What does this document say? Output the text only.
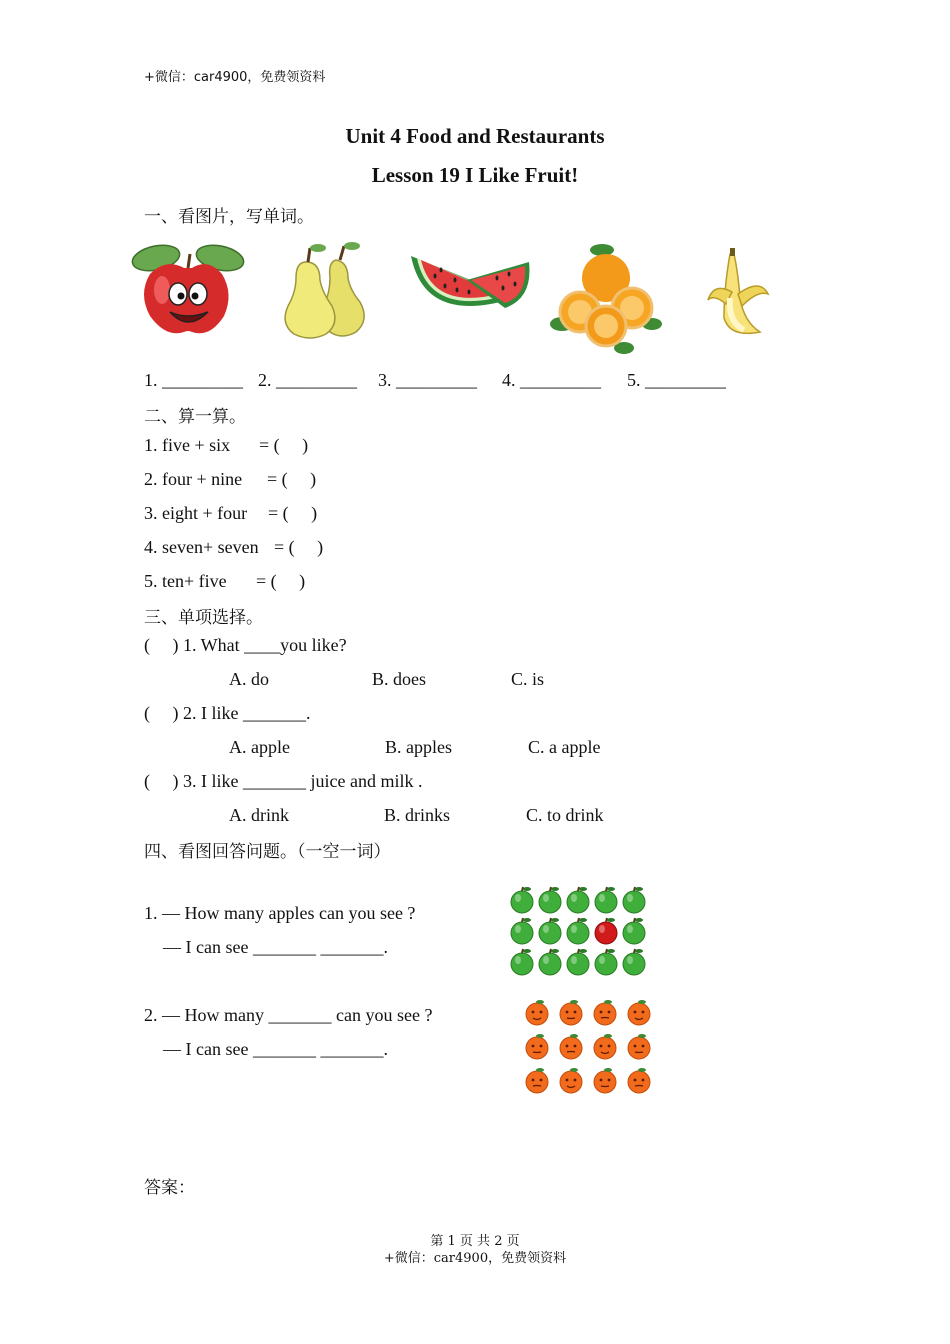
+微信：car4900，免费领资料
Unit 4 Food and Restaurants
Lesson 19 I Like Fruit!
一、看图片，写单词。
1. _________ 2. _________ 3. _________ 4. _________ 5. _________
二、算一算。
1. five + six = (     )
2. four + nine = (     )
3. eight + four = (     )
4. seven+ seven = (     )
5. ten+ five = (     )
三、单项选择。
(     ) 1. What ____you like?
A. do	B. does	C. is
(     ) 2. I like _______.
A. apple	B. apples	C. a apple
(     ) 3. I like _______ juice and milk .
A. drink	B. drinks	C. to drink
四、看图回答问题。（一空一词）
1. — How many apples can you see ?
— I can see _______ _______.
2. — How many _______ can you see ?
— I can see _______ _______.
答案：
第 1 页 共 2 页
+微信：car4900，免费领资料
